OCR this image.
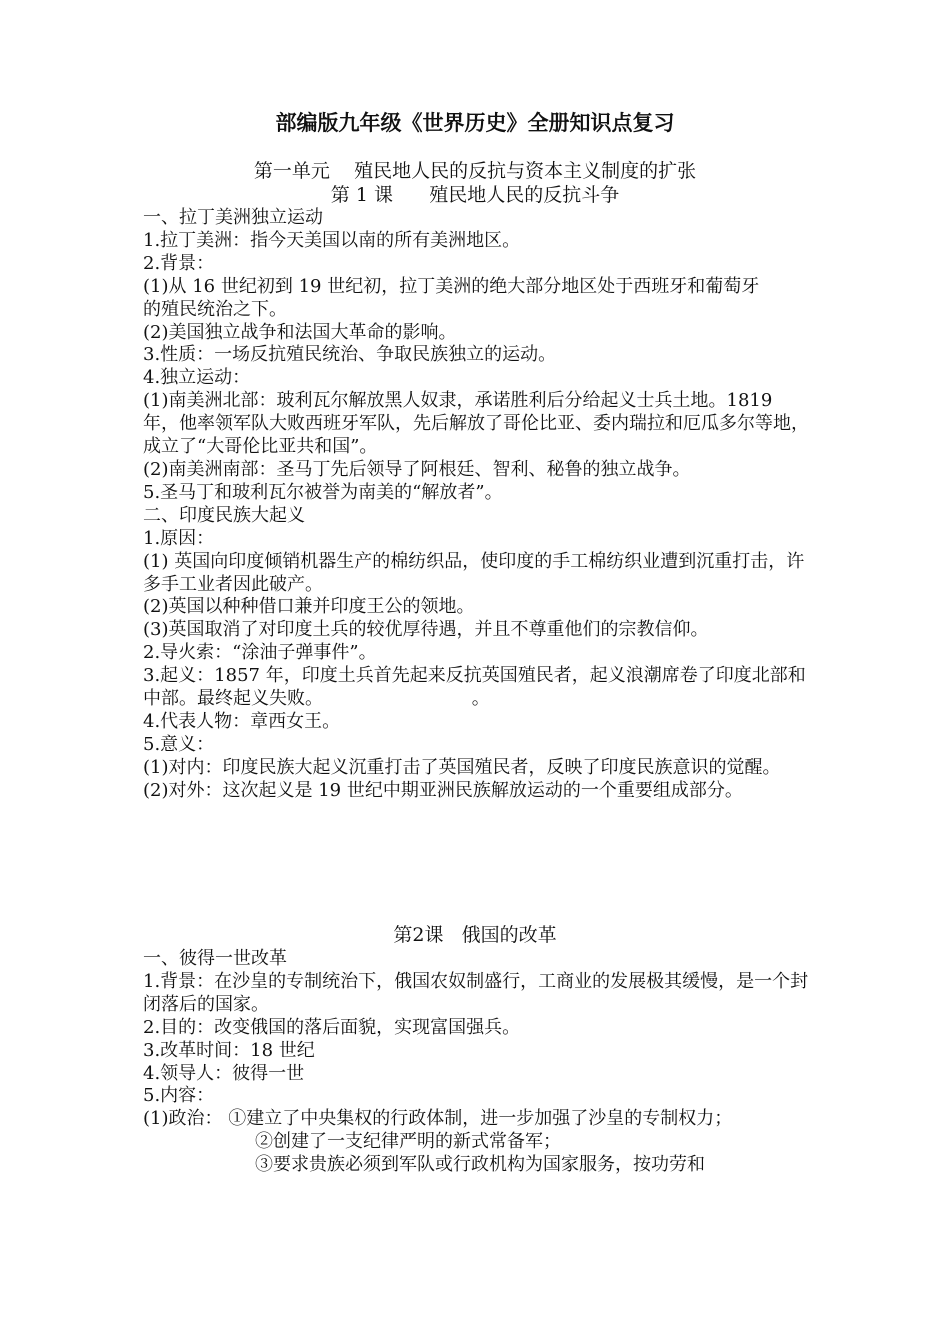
部编版九年级《世界历史》全册知识点复习
第一单元    殖民地人民的反抗与资本主义制度的扩张
第 1 课      殖民地人民的反抗斗争

一、拉丁美洲独立运动

1.拉丁美洲：指今天美国以南的所有美洲地区。

2.背景：

(1)从 16 世纪初到 19 世纪初，拉丁美洲的绝大部分地区处于西班牙和葡萄牙                       的殖民统治之下。

(2)美国独立战争和法国大革命的影响。

3.性质：一场反抗殖民统治、争取民族独立的运动。

4.独立运动：

(1)南美洲北部：玻利瓦尔解放黑人奴隶，承诺胜利后分给起义士兵土地。1819 年，他率领军队大败西班牙军队，先后解放了哥伦比亚、委内瑞拉和厄瓜多尔等地，成立了“大哥伦比亚共和国”。

(2)南美洲南部：圣马丁先后领导了阿根廷、智利、秘鲁的独立战争。

5.圣马丁和玻利瓦尔被誉为南美的“解放者”。

二、印度民族大起义

1.原因：

(1) 英国向印度倾销机器生产的棉纺织品，使印度的手工棉纺织业遭到沉重打击，许多手工业者因此破产。

(2)英国以种种借口兼并印度王公的领地。

(3)英国取消了对印度土兵的较优厚待遇，并且不尊重他们的宗教信仰。

2.导火索：“涂油子弹事件”。

3.起义：1857 年，印度土兵首先起来反抗英国殖民者，起义浪潮席卷了印度北部和中部。最终起义失败。                          。

4.代表人物：章西女王。

5.意义：

(1)对内：印度民族大起义沉重打击了英国殖民者，反映了印度民族意识的觉醒。

(2)对外：这次起义是 19 世纪中期亚洲民族解放运动的一个重要组成部分。

第2课   俄国的改革

一、彼得一世改革

1.背景：在沙皇的专制统治下，俄国农奴制盛行，工商业的发展极其缓慢，是一个封闭落后的国家。

2.目的：改变俄国的落后面貌，实现富国强兵。

3.改革时间：18 世纪

4.领导人：彼得一世

5.内容：

(1)政治： ①建立了中央集权的行政体制，进一步加强了沙皇的专制权力；

②创建了一支纪律严明的新式常备军；

③要求贵族必须到军队或行政机构为国家服务，按功劳和
